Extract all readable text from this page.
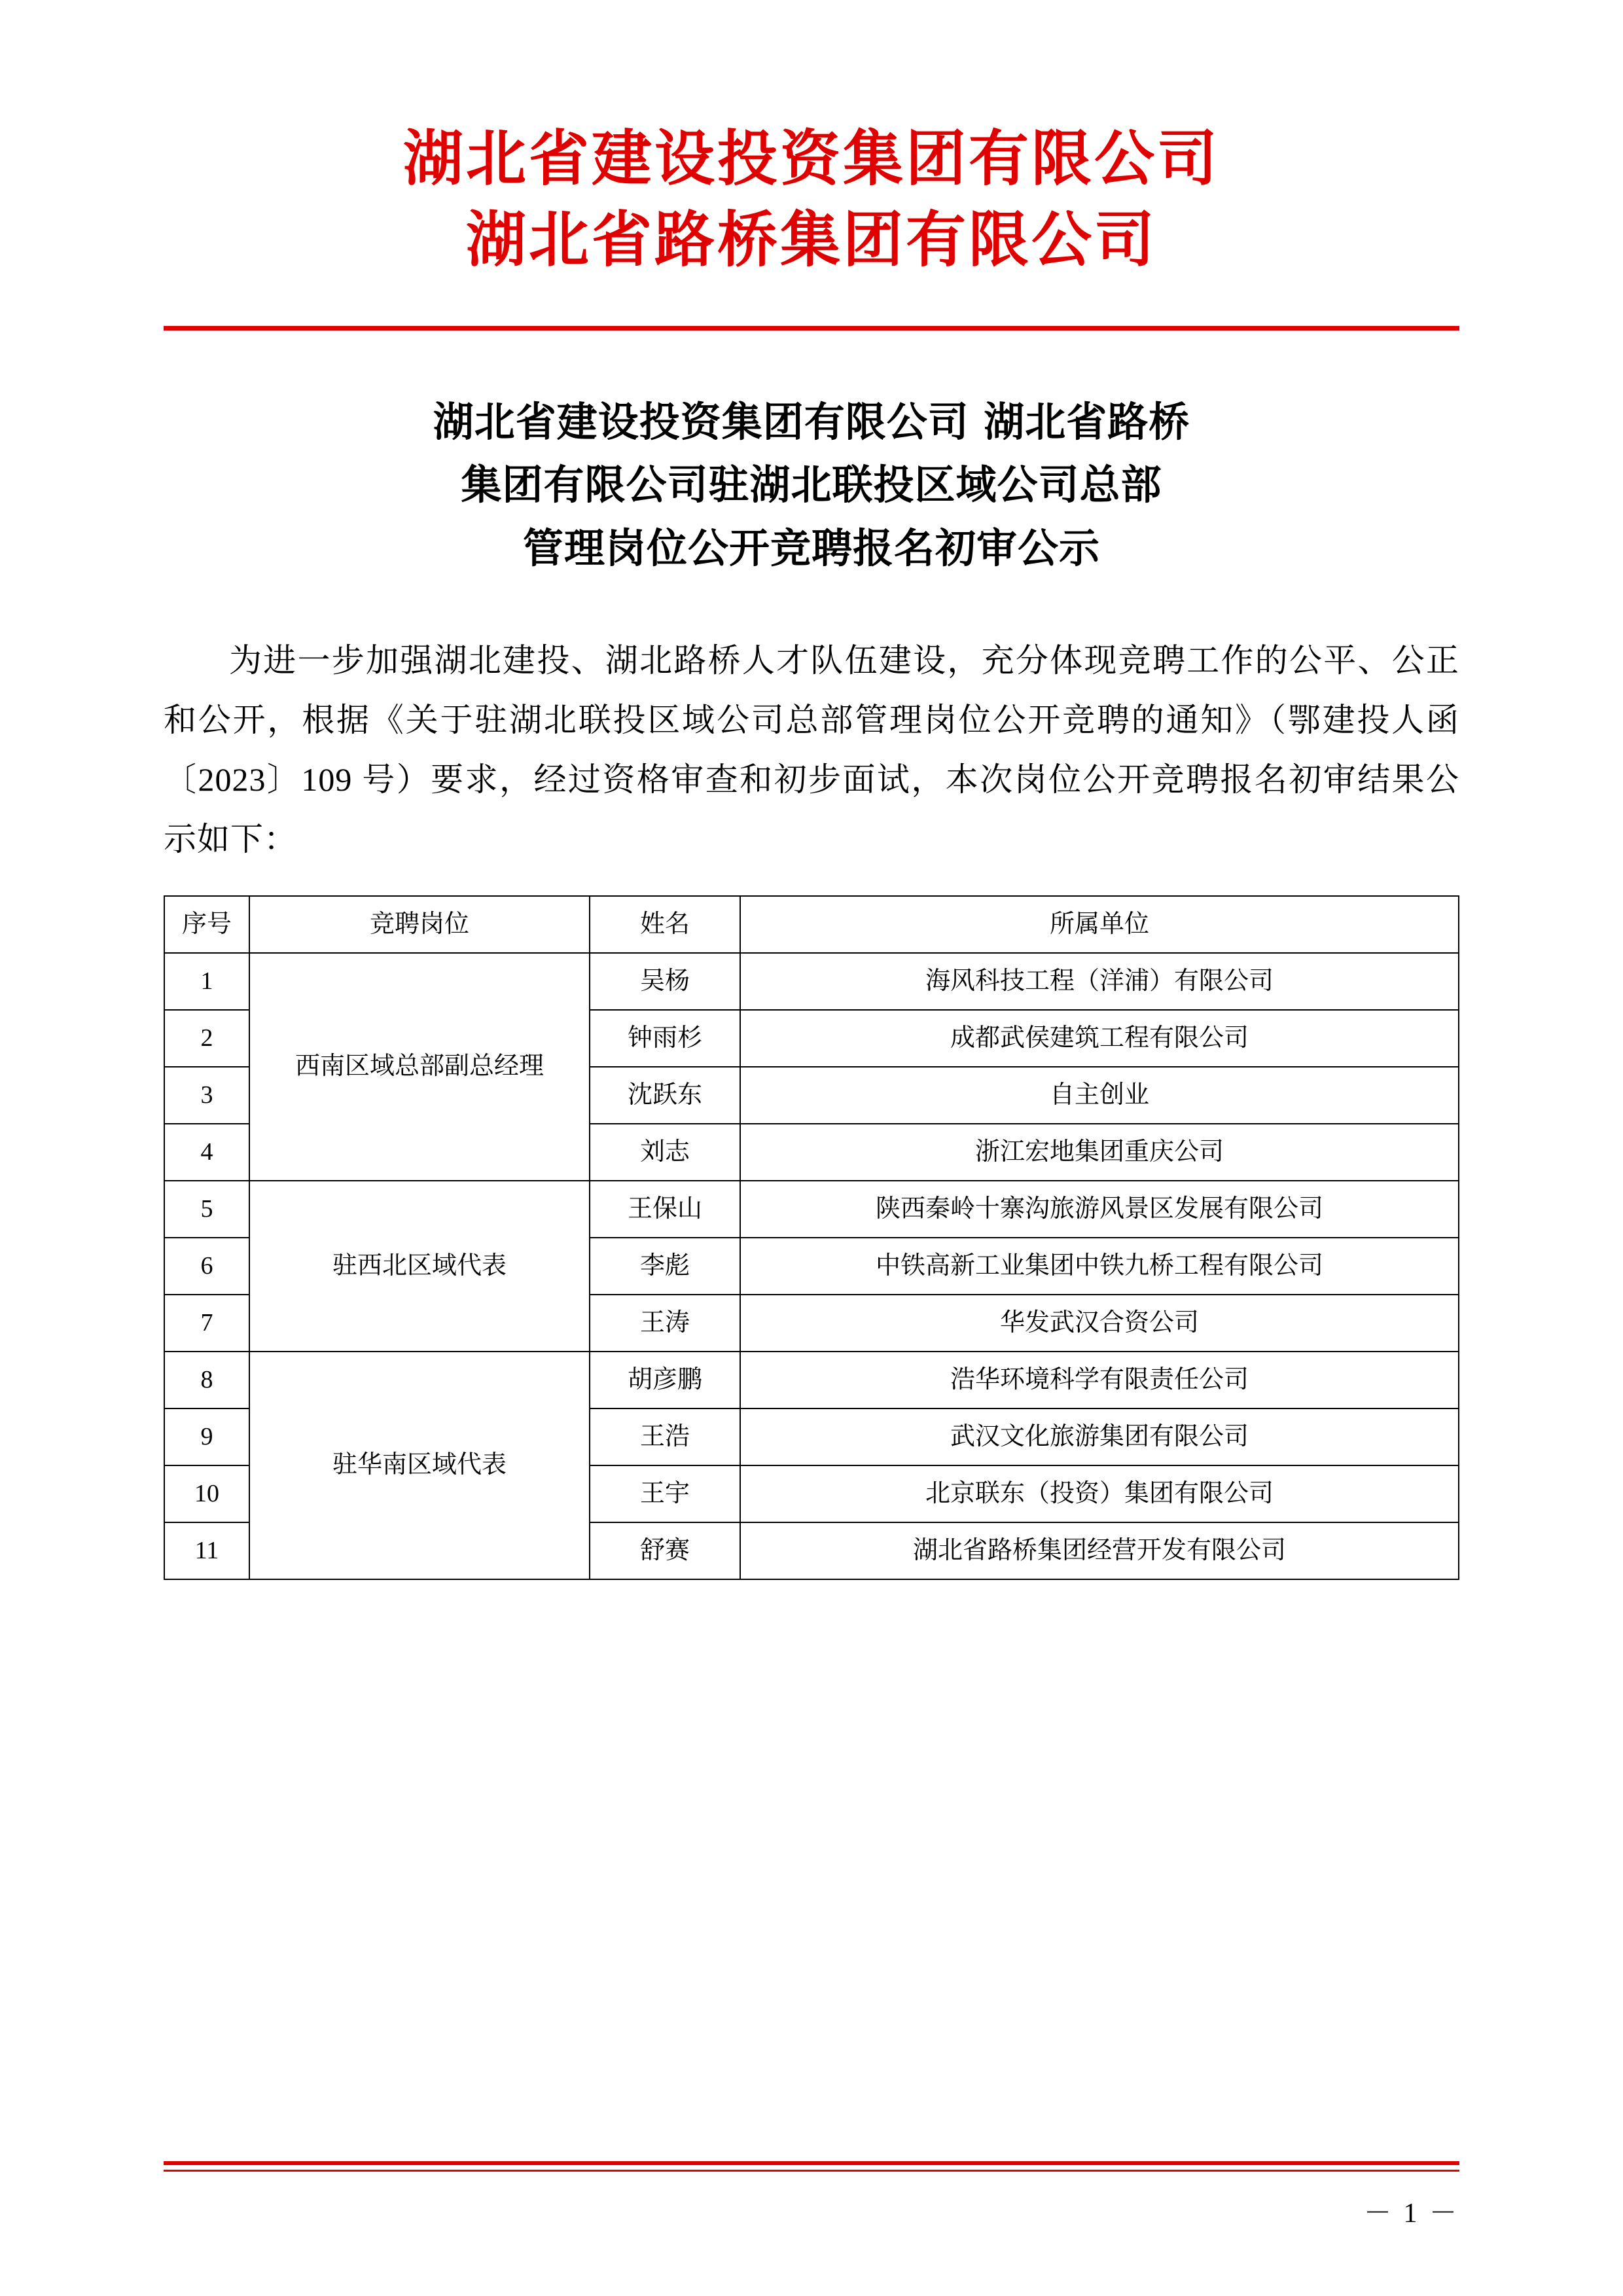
湖北省建设投资集团有限公司
湖北省路桥集团有限公司
湖北省建设投资集团有限公司 湖北省路桥
集团有限公司驻湖北联投区域公司总部
管理岗位公开竞聘报名初审公示

为进一步加强湖北建投、湖北路桥人才队伍建设，充分体现竞聘工作的公平、公正和公开，根据《关于驻湖北联投区域公司总部管理岗位公开竞聘的通知》（鄂建投人函〔2023〕109 号）要求，经过资格审查和初步面试，本次岗位公开竞聘报名初审结果公示如下：

序号	竞聘岗位	姓名	所属单位
1	西南区域总部副总经理	吴杨	海风科技工程（洋浦）有限公司
2		钟雨杉	成都武侯建筑工程有限公司
3		沈跃东	自主创业
4		刘志	浙江宏地集团重庆公司
5	驻西北区域代表	王保山	陕西秦岭十寨沟旅游风景区发展有限公司
6		李彪	中铁高新工业集团中铁九桥工程有限公司
7		王涛	华发武汉合资公司
8	驻华南区域代表	胡彦鹏	浩华环境科学有限责任公司
9		王浩	武汉文化旅游集团有限公司
10		王宇	北京联东（投资）集团有限公司
11		舒赛	湖北省路桥集团经营开发有限公司
－ 1 －
